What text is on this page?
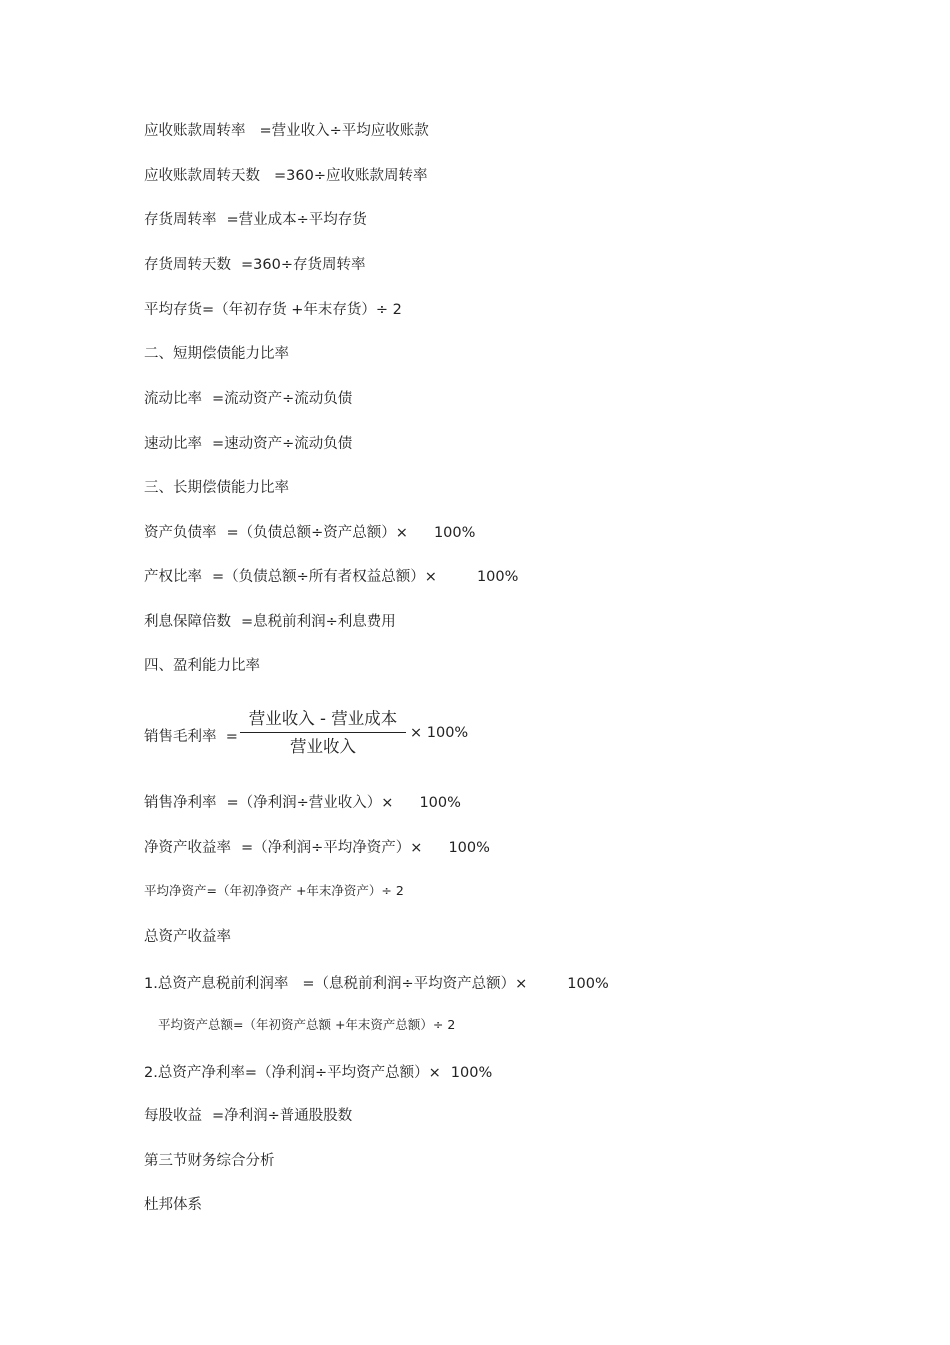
应收账款周转率 =营业收入÷平均应收账款
应收账款周转天数 =360÷应收账款周转率
存货周转率 =营业成本÷平均存货
存货周转天数 =360÷存货周转率
平均存货=（年初存货 +年末存货）÷ 2
二、短期偿债能力比率
流动比率 =流动资产÷流动负债
速动比率 =速动资产÷流动负债
三、长期偿债能力比率
资产负债率 =（负债总额÷资产总额）× 100%
产权比率 =（负债总额÷所有者权益总额）×	100%
利息保障倍数 =息税前利润÷利息费用
四、盈利能力比率
销售毛利率 =
营业收入 - 营业成本
营业收入
× 100%
销售净利率 =（净利润÷营业收入）× 100%
净资产收益率 =（净利润÷平均净资产）× 100%
平均净资产=（年初净资产 +年末净资产）÷ 2
总资产收益率
1.总资产息税前利润率 =（息税前利润÷平均资产总额）×	100%
平均资产总额=（年初资产总额 +年末资产总额）÷ 2
2.总资产净利率=（净利润÷平均资产总额）× 100%
每股收益 =净利润÷普通股股数
第三节财务综合分析
杜邦体系
